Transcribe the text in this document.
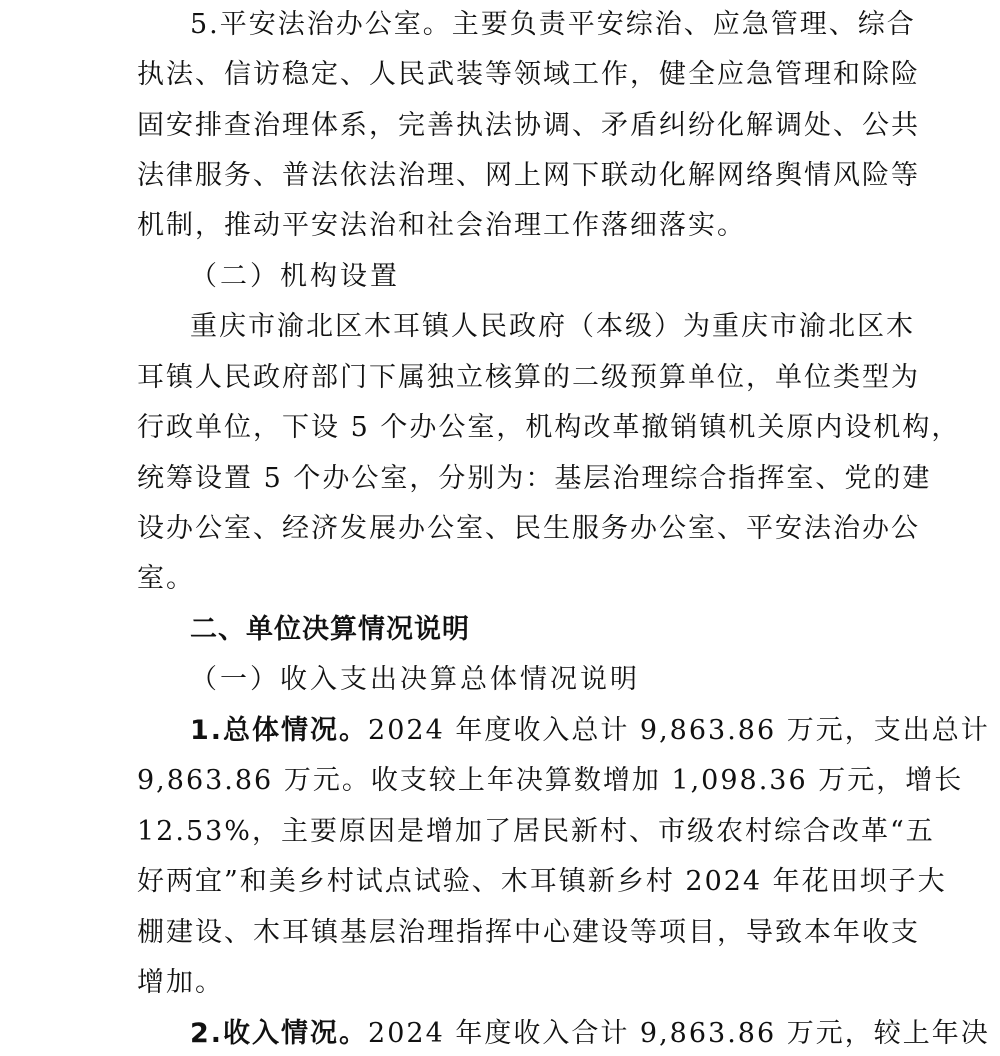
5.平安法治办公室。主要负责平安综治、应急管理、综合
执法、信访稳定、人民武装等领域工作，健全应急管理和除险
固安排查治理体系，完善执法协调、矛盾纠纷化解调处、公共
法律服务、普法依法治理、网上网下联动化解网络舆情风险等
机制，推动平安法治和社会治理工作落细落实。
（二）机构设置
重庆市渝北区木耳镇人民政府（本级）为重庆市渝北区木
耳镇人民政府部门下属独立核算的二级预算单位，单位类型为
行政单位，下设 5 个办公室，机构改革撤销镇机关原内设机构，
统筹设置 5 个办公室，分别为：基层治理综合指挥室、党的建
设办公室、经济发展办公室、民生服务办公室、平安法治办公
室。
二、单位决算情况说明
（一）收入支出决算总体情况说明
1.总体情况。2024 年度收入总计 9,863.86 万元，支出总计
9,863.86 万元。收支较上年决算数增加 1,098.36 万元，增长
12.53%，主要原因是增加了居民新村、市级农村综合改革“五
好两宜”和美乡村试点试验、木耳镇新乡村 2024 年花田坝子大
棚建设、木耳镇基层治理指挥中心建设等项目，导致本年收支
增加。
2.收入情况。2024 年度收入合计 9,863.86 万元，较上年决
